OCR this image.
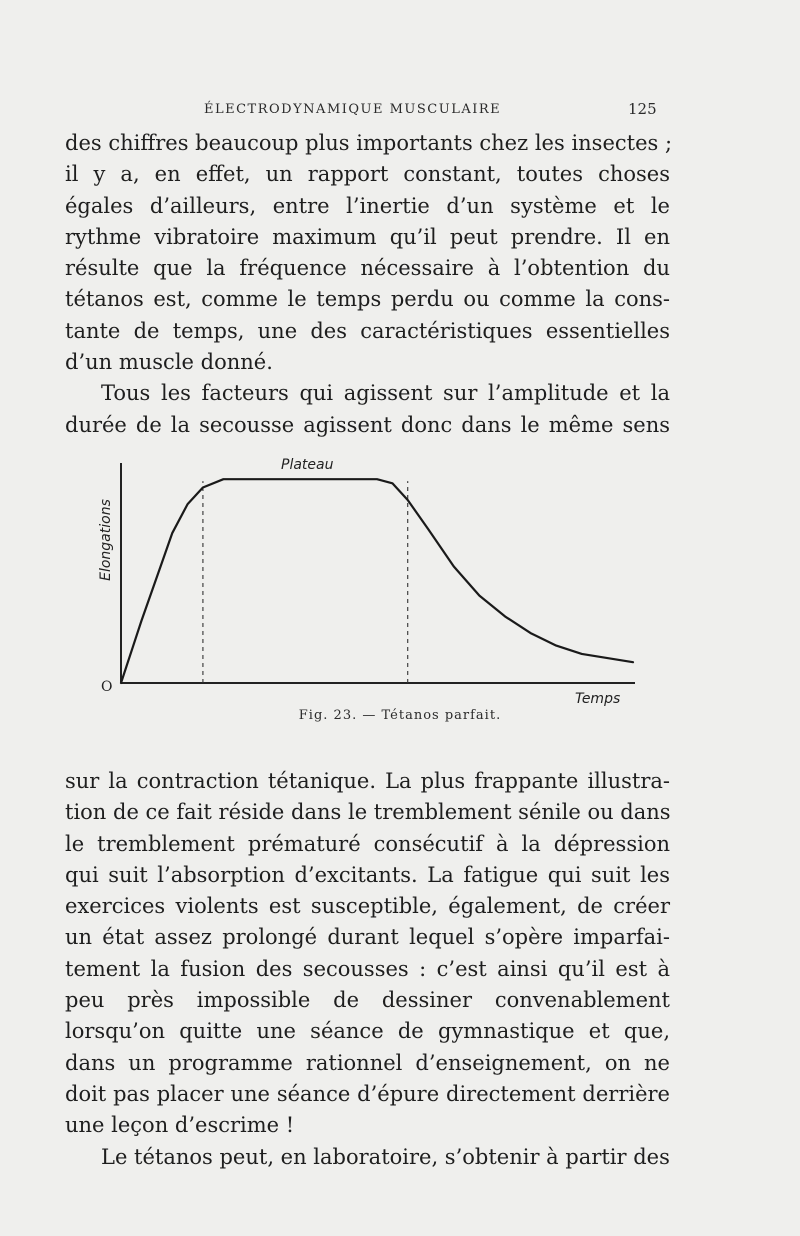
ÉLECTRODYNAMIQUE MUSCULAIRE	125
des chiffres beaucoup plus importants chez les insectes ;
il y a, en effet, un rapport constant, toutes choses
égales d’ailleurs, entre l’inertie d’un système et le
rythme vibratoire maximum qu’il peut prendre. Il en
résulte que la fréquence nécessaire à l’obtention du
tétanos est, comme le temps perdu ou comme la cons-
tante de temps, une des caractéristiques essentielles
d’un muscle donné.
Tous les facteurs qui agissent sur l’amplitude et la
durée de la secousse agissent donc dans le même sens
Plateau
Temps
O
Elongations
Fig. 23. — Tétanos parfait.
sur la contraction tétanique. La plus frappante illustra-
tion de ce fait réside dans le tremblement sénile ou dans
le tremblement prématuré consécutif à la dépression
qui suit l’absorption d’excitants. La fatigue qui suit les
exercices violents est susceptible, également, de créer
un état assez prolongé durant lequel s’opère imparfai-
tement la fusion des secousses : c’est ainsi qu’il est à
peu près impossible de dessiner convenablement
lorsqu’on quitte une séance de gymnastique et que,
dans un programme rationnel d’enseignement, on ne
doit pas placer une séance d’épure directement derrière
une leçon d’escrime !
Le tétanos peut, en laboratoire, s’obtenir à partir des
